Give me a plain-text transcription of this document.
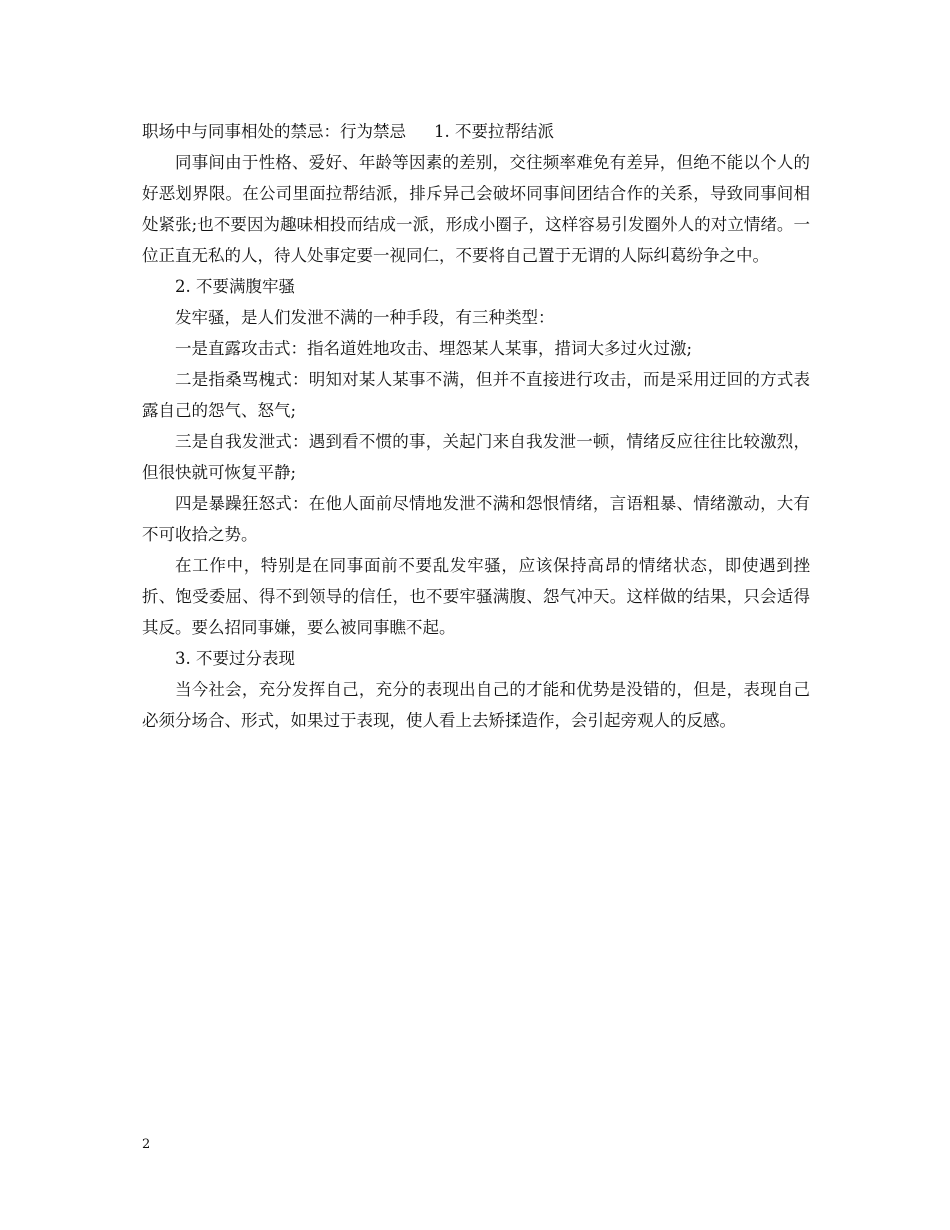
职场中与同事相处的禁忌：行为禁忌 1. 不要拉帮结派

同事间由于性格、爱好、年龄等因素的差别，交往频率难免有差异，但绝不能以个人的好恶划界限。在公司里面拉帮结派，排斥异己会破坏同事间团结合作的关系，导致同事间相处紧张;也不要因为趣味相投而结成一派，形成小圈子，这样容易引发圈外人的对立情绪。一位正直无私的人，待人处事定要一视同仁，不要将自己置于无谓的人际纠葛纷争之中。

2. 不要满腹牢骚

发牢骚，是人们发泄不满的一种手段，有三种类型：

一是直露攻击式：指名道姓地攻击、埋怨某人某事，措词大多过火过激;

二是指桑骂槐式：明知对某人某事不满，但并不直接进行攻击，而是采用迂回的方式表露自己的怨气、怒气;

三是自我发泄式：遇到看不惯的事，关起门来自我发泄一顿，情绪反应往往比较激烈，但很快就可恢复平静;

四是暴躁狂怒式：在他人面前尽情地发泄不满和怨恨情绪，言语粗暴、情绪激动，大有不可收拾之势。

在工作中，特别是在同事面前不要乱发牢骚，应该保持高昂的情绪状态，即使遇到挫折、饱受委屈、得不到领导的信任，也不要牢骚满腹、怨气冲天。这样做的结果，只会适得其反。要么招同事嫌，要么被同事瞧不起。

3. 不要过分表现

当今社会，充分发挥自己，充分的表现出自己的才能和优势是没错的，但是，表现自己必须分场合、形式，如果过于表现，使人看上去矫揉造作，会引起旁观人的反感。

2
